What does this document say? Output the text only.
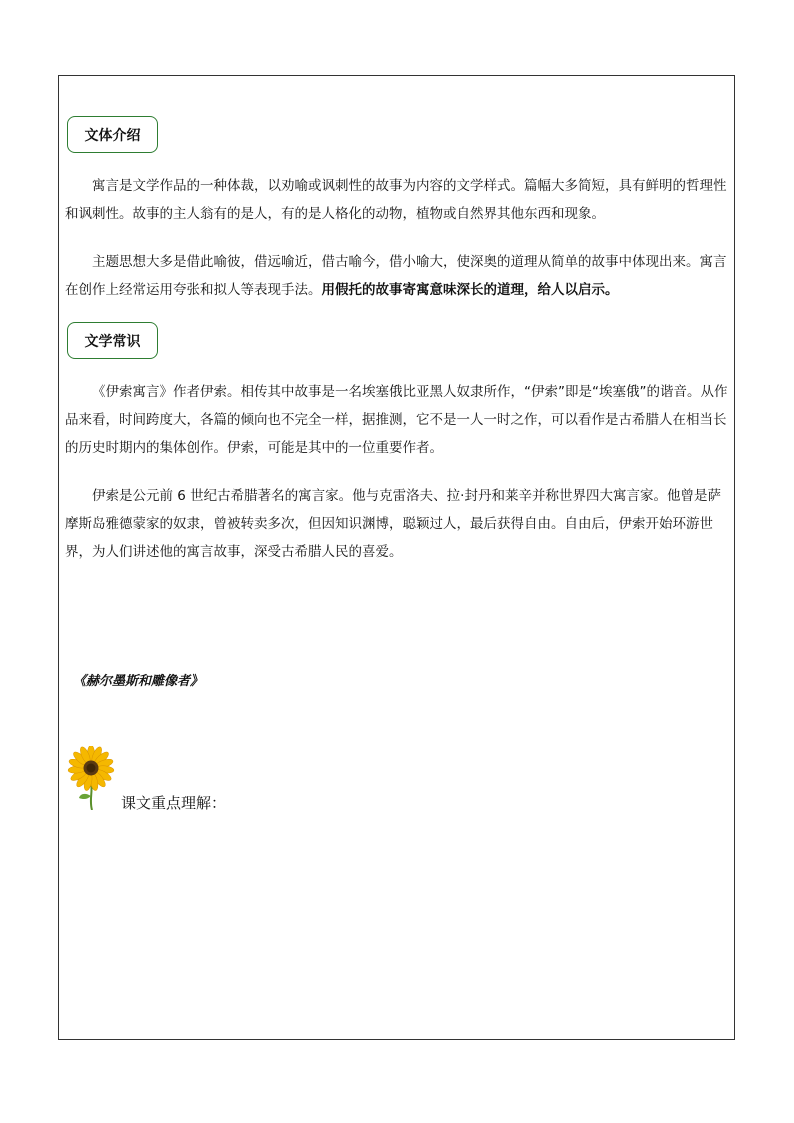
文体介绍

寓言是文学作品的一种体裁，以劝喻或讽刺性的故事为内容的文学样式。篇幅大多简短，具有鲜明的哲理性和讽刺性。故事的主人翁有的是人，有的是人格化的动物，植物或自然界其他东西和现象。

主题思想大多是借此喻彼，借远喻近，借古喻今，借小喻大，使深奥的道理从简单的故事中体现出来。寓言在创作上经常运用夸张和拟人等表现手法。用假托的故事寄寓意味深长的道理，给人以启示。

文学常识

《伊索寓言》作者伊索。相传其中故事是一名埃塞俄比亚黑人奴隶所作，“伊索”即是“埃塞俄”的谐音。从作品来看，时间跨度大，各篇的倾向也不完全一样，据推测，它不是一人一时之作，可以看作是古希腊人在相当长的历史时期内的集体创作。伊索，可能是其中的一位重要作者。

伊索是公元前 6 世纪古希腊著名的寓言家。他与克雷洛夫、拉·封丹和莱辛并称世界四大寓言家。他曾是萨摩斯岛雅德蒙家的奴隶，曾被转卖多次，但因知识渊博，聪颖过人，最后获得自由。自由后，伊索开始环游世界，为人们讲述他的寓言故事，深受古希腊人民的喜爱。

《赫尔墨斯和雕像者》
课文重点理解：
